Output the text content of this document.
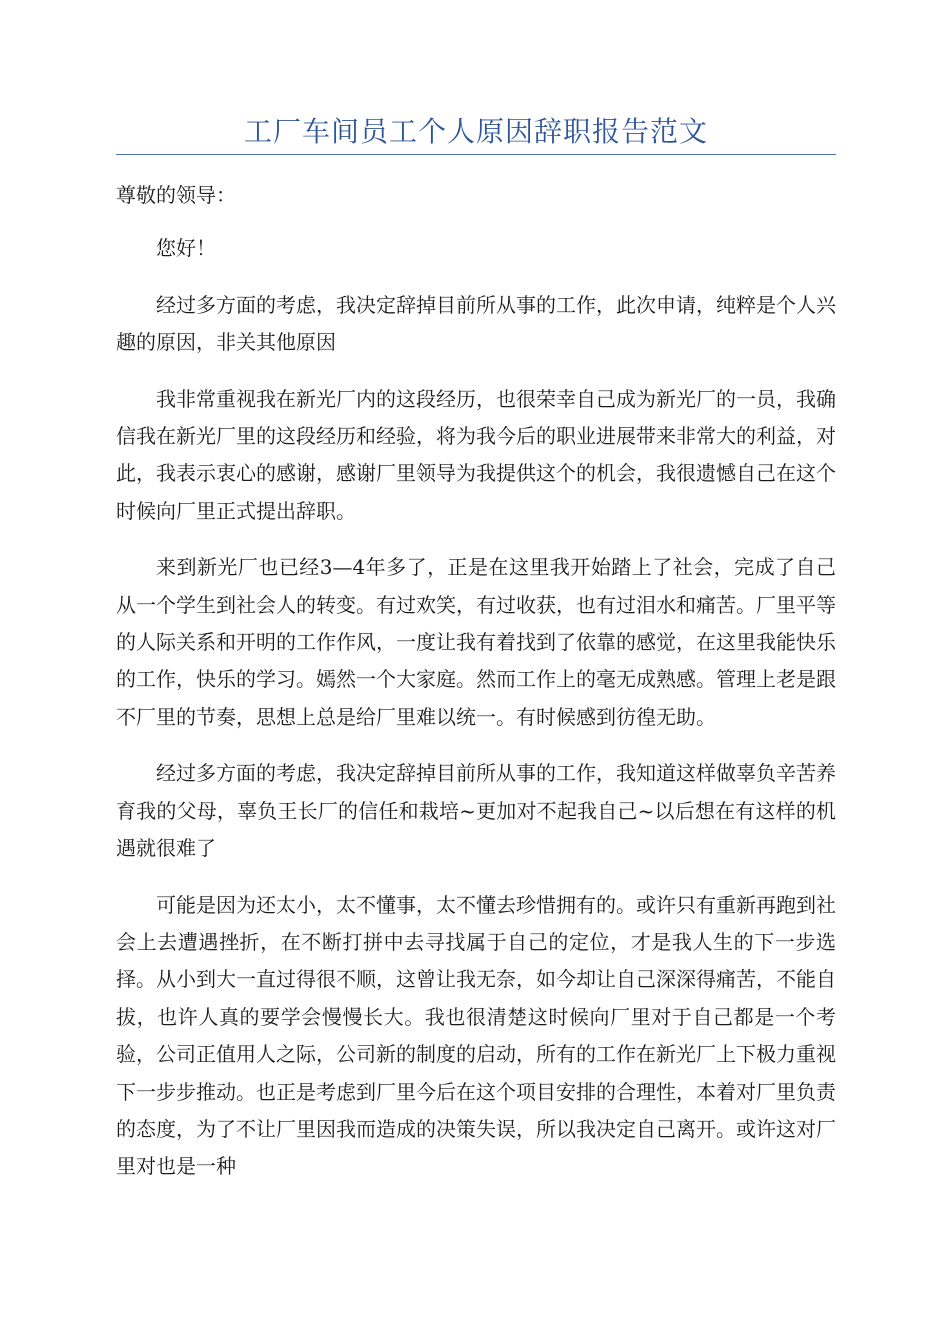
工厂车间员工个人原因辞职报告范文

尊敬的领导：

您好！

经过多方面的考虑，我决定辞掉目前所从事的工作，此次申请，纯粹是个人兴趣的原因，非关其他原因

我非常重视我在新光厂内的这段经历，也很荣幸自己成为新光厂的一员，我确信我在新光厂里的这段经历和经验，将为我今后的职业进展带来非常大的利益，对此，我表示衷心的感谢，感谢厂里领导为我提供这个的机会，我很遗憾自己在这个时候向厂里正式提出辞职。

来到新光厂也已经3—4年多了，正是在这里我开始踏上了社会，完成了自己从一个学生到社会人的转变。有过欢笑，有过收获，也有过泪水和痛苦。厂里平等的人际关系和开明的工作作风，一度让我有着找到了依靠的感觉，在这里我能快乐的工作，快乐的学习。嫣然一个大家庭。然而工作上的毫无成熟感。管理上老是跟不厂里的节奏，思想上总是给厂里难以统一。有时候感到彷徨无助。

经过多方面的考虑，我决定辞掉目前所从事的工作，我知道这样做辜负辛苦养育我的父母，辜负王长厂的信任和栽培~更加对不起我自己~以后想在有这样的机遇就很难了

可能是因为还太小，太不懂事，太不懂去珍惜拥有的。或许只有重新再跑到社会上去遭遇挫折，在不断打拼中去寻找属于自己的定位，才是我人生的下一步选择。从小到大一直过得很不顺，这曾让我无奈，如今却让自己深深得痛苦，不能自拔，也许人真的要学会慢慢长大。我也很清楚这时候向厂里对于自己都是一个考验，公司正值用人之际，公司新的制度的启动，所有的工作在新光厂上下极力重视下一步步推动。也正是考虑到厂里今后在这个项目安排的合理性，本着对厂里负责的态度，为了不让厂里因我而造成的决策失误，所以我决定自己离开。或许这对厂里对也是一种
